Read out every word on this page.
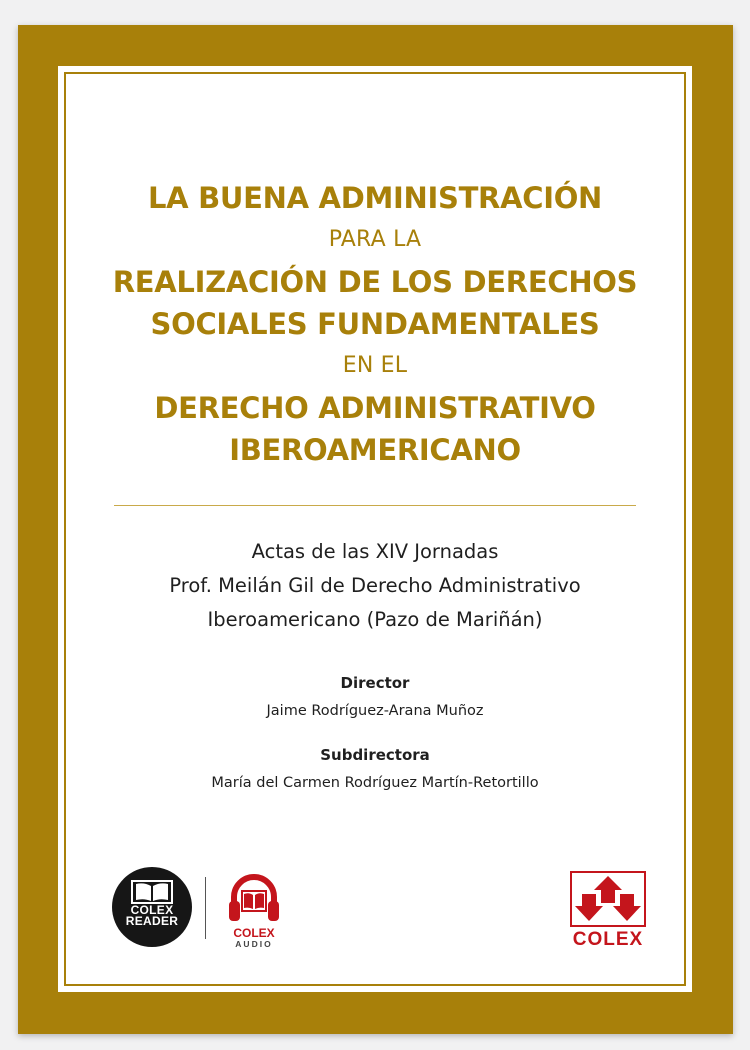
LA BUENA ADMINISTRACIÓN
PARA LA
REALIZACIÓN DE LOS DERECHOS
SOCIALES FUNDAMENTALES
EN EL
DERECHO ADMINISTRATIVO
IBEROAMERICANO
Actas de las XIV Jornadas
Prof. Meilán Gil de Derecho Administrativo
Iberoamericano (Pazo de Mariñán)
Director
Jaime Rodríguez-Arana Muñoz
Subdirectora
María del Carmen Rodríguez Martín-Retortillo
COLEX
READER
COLEX
AUDIO	COLEX
